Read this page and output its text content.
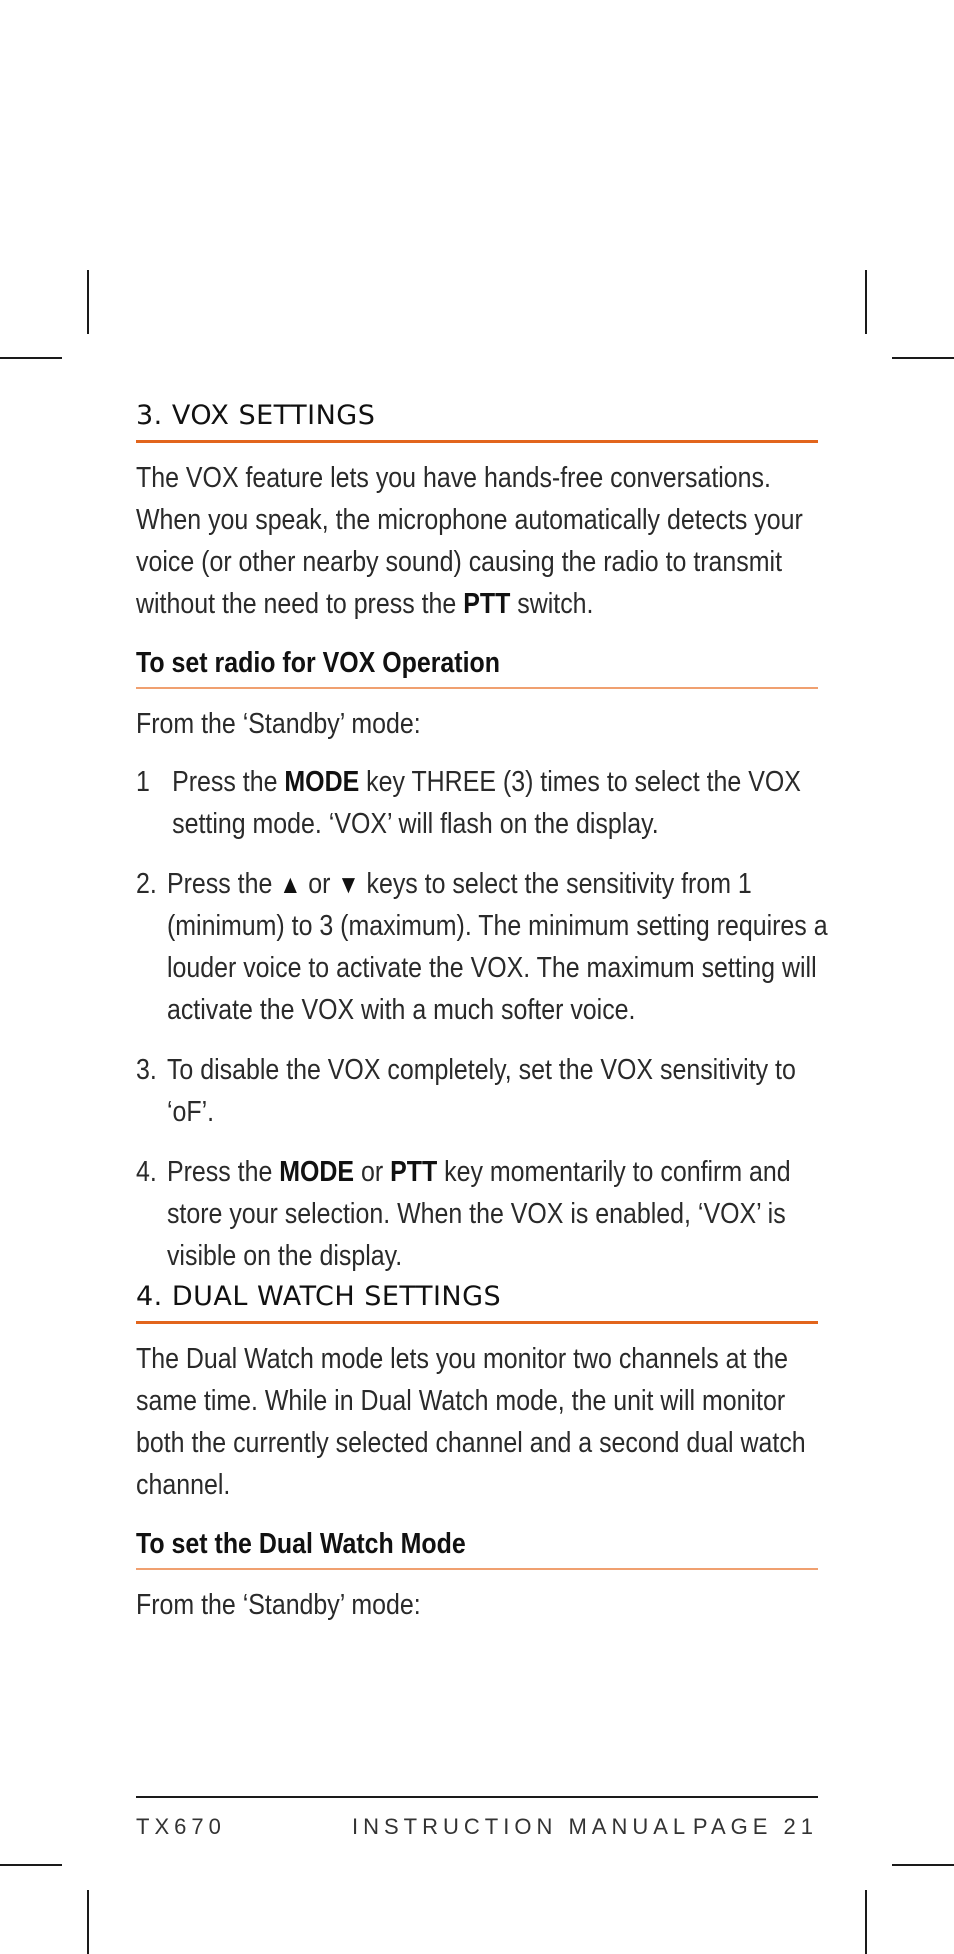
3. VOX SETTINGS

The VOX feature lets you have hands-free conversations. When you speak, the microphone automatically detects your voice (or other nearby sound) causing the radio to transmit without the need to press the PTT switch.

To set radio for VOX Operation

From the ‘Standby’ mode:

1 Press the MODE key THREE (3) times to select the VOX setting mode. ‘VOX’ will flash on the display.
2. Press the ▲ or ▼ keys to select the sensitivity from 1 (minimum) to 3 (maximum). The minimum setting requires a louder voice to activate the VOX. The maximum setting will activate the VOX with a much softer voice.
3. To disable the VOX completely, set the VOX sensitivity to ‘oF’.
4. Press the MODE or PTT key momentarily to confirm and store your selection. When the VOX is enabled, ‘VOX’ is visible on the display.
4. DUAL WATCH SETTINGS

The Dual Watch mode lets you monitor two channels at the same time. While in Dual Watch mode, the unit will monitor both the currently selected channel and a second dual watch channel.

To set the Dual Watch Mode

From the ‘Standby’ mode:

TX670	INSTRUCTION MANUAL PAGE 21
